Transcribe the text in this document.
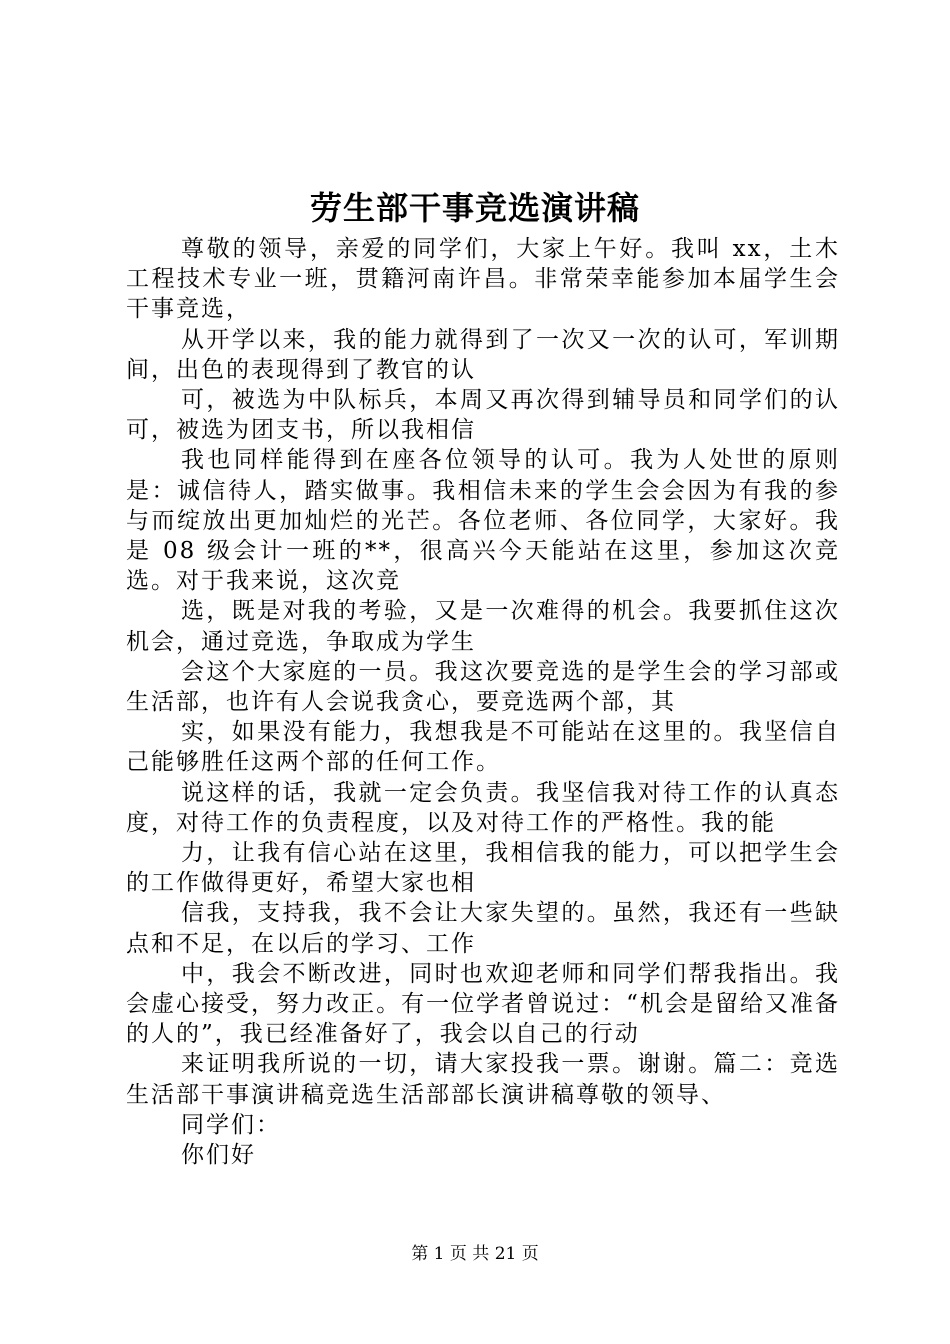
劳生部干事竞选演讲稿

尊敬的领导，亲爱的同学们，大家上午好。我叫 xx，土木工程技术专业一班，贯籍河南许昌。非常荣幸能参加本届学生会干事竞选，

从开学以来，我的能力就得到了一次又一次的认可，军训期间，出色的表现得到了教官的认

可，被选为中队标兵，本周又再次得到辅导员和同学们的认可，被选为团支书，所以我相信

我也同样能得到在座各位领导的认可。我为人处世的原则是：诚信待人，踏实做事。我相信未来的学生会会因为有我的参与而绽放出更加灿烂的光芒。各位老师、各位同学，大家好。我是 08 级会计一班的**，很高兴今天能站在这里，参加这次竞选。对于我来说，这次竞

选，既是对我的考验，又是一次难得的机会。我要抓住这次机会，通过竞选，争取成为学生

会这个大家庭的一员。我这次要竞选的是学生会的学习部或生活部，也许有人会说我贪心，要竞选两个部，其

实，如果没有能力，我想我是不可能站在这里的。我坚信自己能够胜任这两个部的任何工作。

说这样的话，我就一定会负责。我坚信我对待工作的认真态度，对待工作的负责程度，以及对待工作的严格性。我的能

力，让我有信心站在这里，我相信我的能力，可以把学生会的工作做得更好，希望大家也相

信我，支持我，我不会让大家失望的。虽然，我还有一些缺点和不足，在以后的学习、工作

中，我会不断改进，同时也欢迎老师和同学们帮我指出。我会虚心接受，努力改正。有一位学者曾说过：“机会是留给又准备的人的”，我已经准备好了，我会以自己的行动

来证明我所说的一切，请大家投我一票。谢谢。篇二：竞选生活部干事演讲稿竞选生活部部长演讲稿尊敬的领导、

同学们：

你们好

第 1 页 共 21 页
